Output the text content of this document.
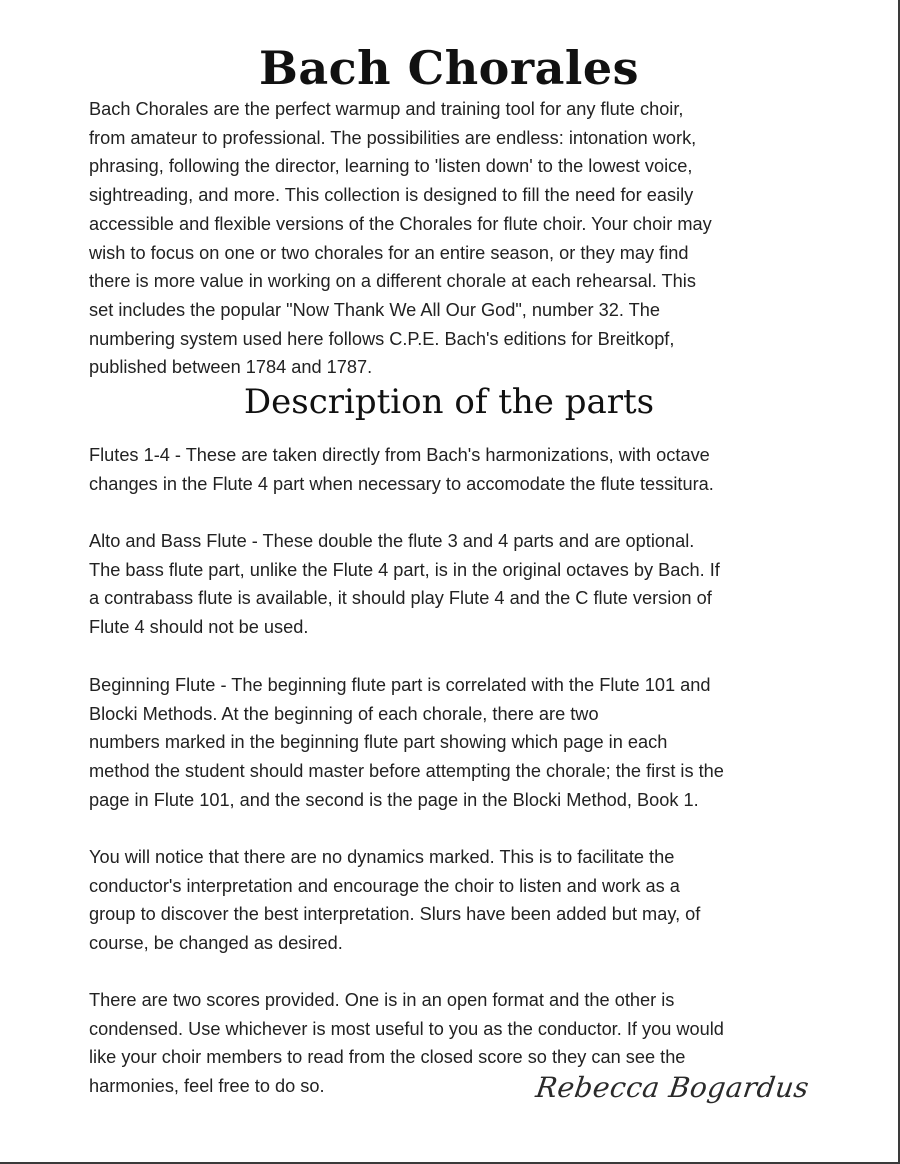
Bach Chorales

Bach Chorales are the perfect warmup and training tool for any flute choir,
from amateur to professional. The possibilities are endless: intonation work,
phrasing, following the director, learning to 'listen down' to the lowest voice,
sightreading, and more. This collection is designed to fill the need for easily
accessible and flexible versions of the Chorales for flute choir. Your choir may
wish to focus on one or two chorales for an entire season, or they may find
there is more value in working on a different chorale at each rehearsal. This
set includes the popular "Now Thank We All Our God", number 32. The
numbering system used here follows C.P.E. Bach's editions for Breitkopf,
published between 1784 and 1787.

Description of the parts

Flutes 1-4 - These are taken directly from Bach's harmonizations, with octave
changes in the Flute 4 part when necessary to accomodate the flute tessitura.

Alto and Bass Flute - These double the flute 3 and 4 parts and are optional.
The bass flute part, unlike the Flute 4 part, is in the original octaves by Bach. If
a contrabass flute is available, it should play Flute 4 and the C flute version of
Flute 4 should not be used.

Beginning Flute - The beginning flute part is correlated with the Flute 101 and
Blocki Methods. At the beginning of each chorale, there are two
numbers marked in the beginning flute part showing which page in each
method the student should master before attempting the chorale; the first is the
page in Flute 101, and the second is the page in the Blocki Method, Book 1.

You will notice that there are no dynamics marked. This is to facilitate the
conductor's interpretation and encourage the choir to listen and work as a
group to discover the best interpretation. Slurs have been added but may, of
course, be changed as desired.

There are two scores provided. One is in an open format and the other is
condensed. Use whichever is most useful to you as the conductor. If you would
like your choir members to read from the closed score so they can see the
harmonies, feel free to do so.	Rebecca Bogardus
